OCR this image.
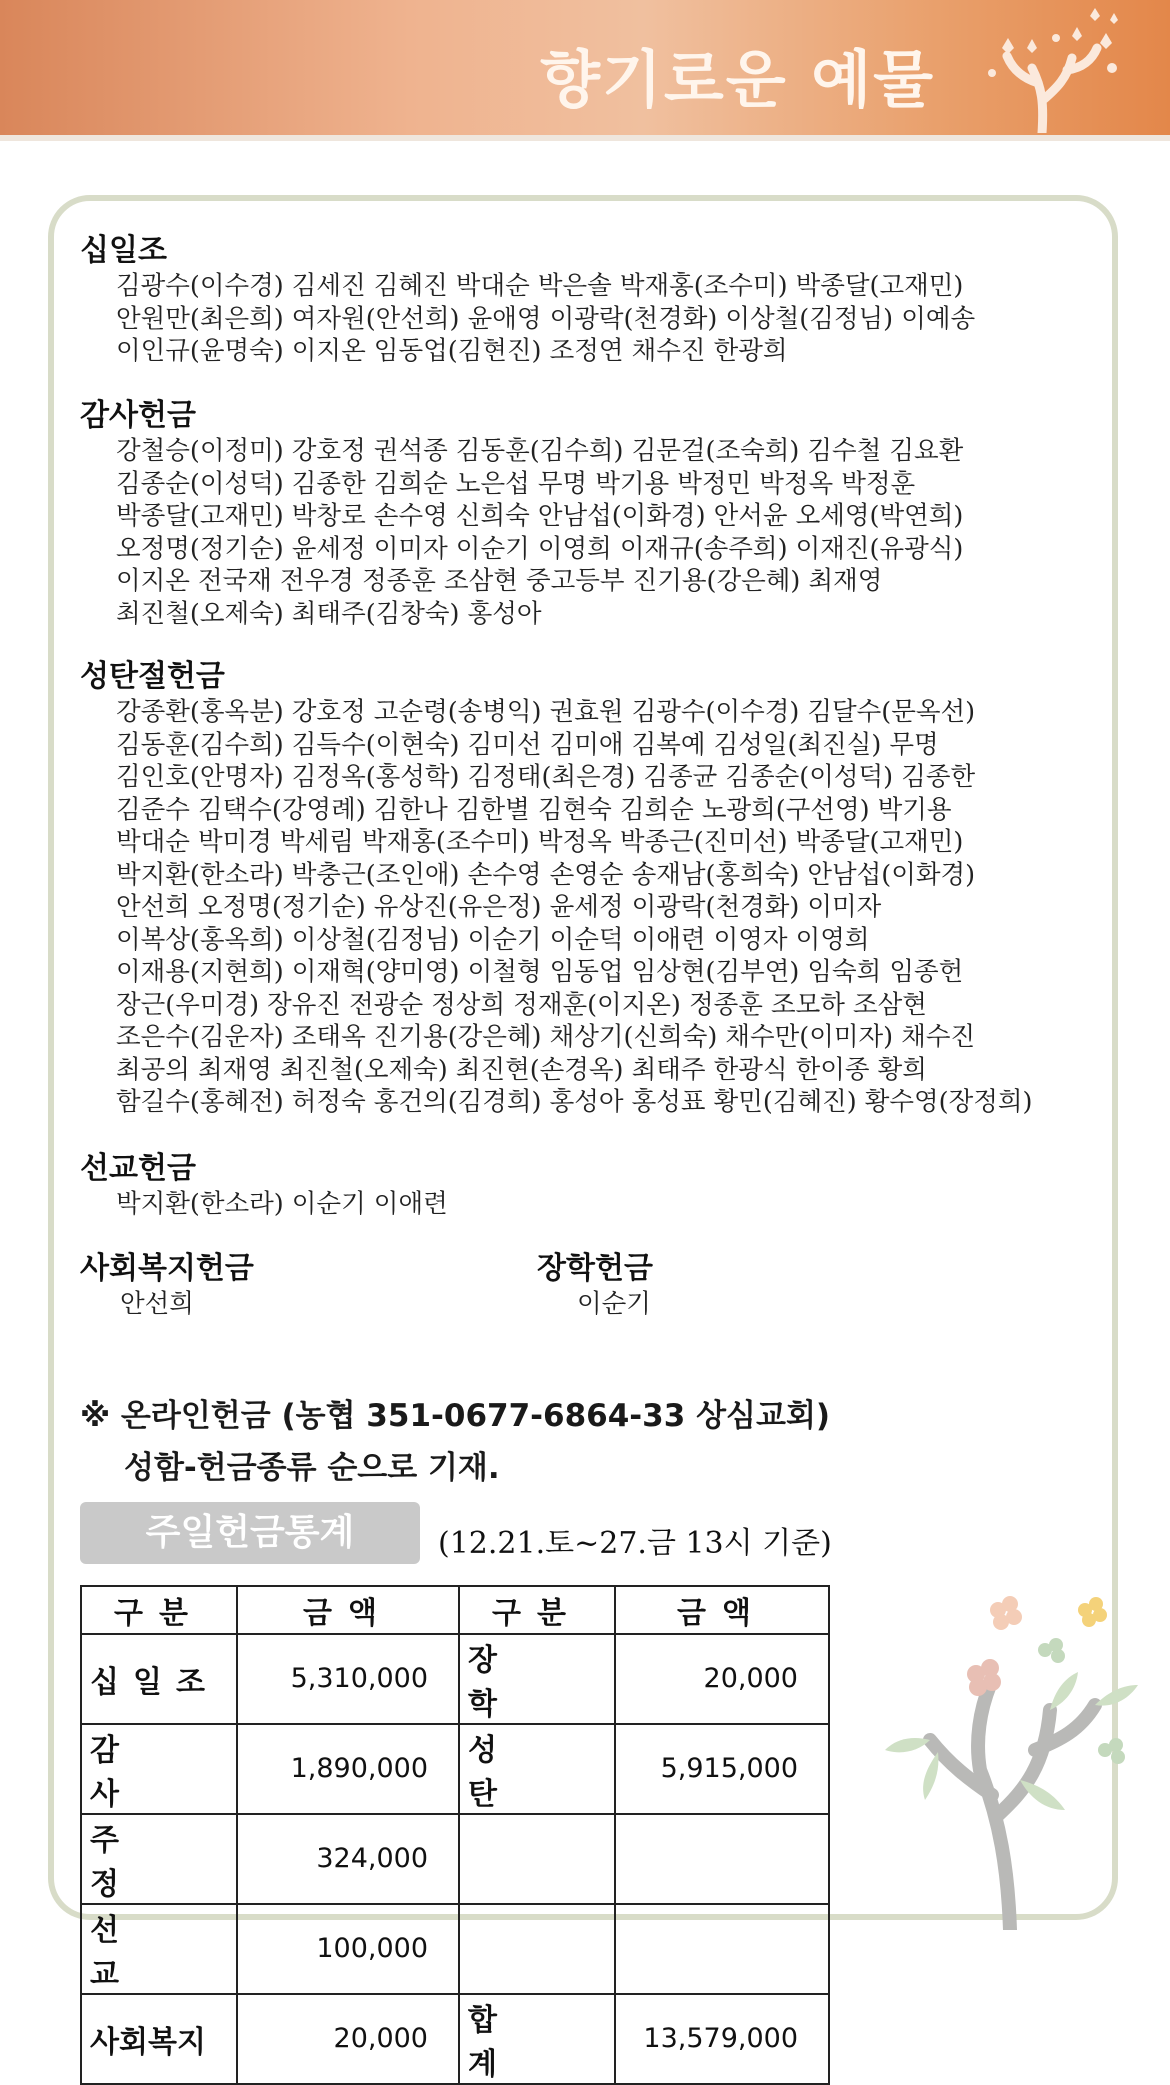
향기로운 예물
십일조
김광수(이수경) 김세진 김혜진 박대순 박은솔 박재홍(조수미) 박종달(고재민)
안원만(최은희) 여자원(안선희) 윤애영 이광락(천경화) 이상철(김정님) 이예송
이인규(윤명숙) 이지온 임동업(김현진) 조정연 채수진 한광희
감사헌금
강철승(이정미) 강호정 권석종 김동훈(김수희) 김문걸(조숙희) 김수철 김요환
김종순(이성덕) 김종한 김희순 노은섭 무명 박기용 박정민 박정옥 박정훈
박종달(고재민) 박창로 손수영 신희숙 안남섭(이화경) 안서윤 오세영(박연희)
오정명(정기순) 윤세정 이미자 이순기 이영희 이재규(송주희) 이재진(유광식)
이지온 전국재 전우경 정종훈 조삼현 중고등부 진기용(강은혜) 최재영
최진철(오제숙) 최태주(김창숙) 홍성아
성탄절헌금
강종환(홍옥분) 강호정 고순령(송병익) 권효원 김광수(이수경) 김달수(문옥선)
김동훈(김수희) 김득수(이현숙) 김미선 김미애 김복예 김성일(최진실) 무명
김인호(안명자) 김정옥(홍성학) 김정태(최은경) 김종균 김종순(이성덕) 김종한
김준수 김택수(강영례) 김한나 김한별 김현숙 김희순 노광희(구선영) 박기용
박대순 박미경 박세림 박재홍(조수미) 박정옥 박종근(진미선) 박종달(고재민)
박지환(한소라) 박충근(조인애) 손수영 손영순 송재남(홍희숙) 안남섭(이화경)
안선희 오정명(정기순) 유상진(유은정) 윤세정 이광락(천경화) 이미자
이복상(홍옥희) 이상철(김정님) 이순기 이순덕 이애련 이영자 이영희
이재용(지현희) 이재혁(양미영) 이철형 임동업 임상현(김부연) 임숙희 임종헌
장근(우미경) 장유진 전광순 정상희 정재훈(이지온) 정종훈 조모하 조삼현
조은수(김운자) 조태옥 진기용(강은혜) 채상기(신희숙) 채수만(이미자) 채수진
최공의 최재영 최진철(오제숙) 최진현(손경옥) 최태주 한광식 한이종 황희
함길수(홍혜전) 허정숙 홍건의(김경희) 홍성아 홍성표 황민(김혜진) 황수영(장정희)
선교헌금
박지환(한소라) 이순기 이애련
사회복지헌금
안선희
장학헌금
이순기
※ 온라인헌금 (농협 351-0677-6864-33 상심교회)
성함-헌금종류 순으로 기재.
주일헌금통계	(12.21.토~27.금 13시 기준)
구분	금액	구분	금액

십일조	5,310,000	장학	20,000
감사	1,890,000	성탄	5,915,000
주정	324,000		
선교	100,000		
사회복지	20,000	합계	13,579,000
